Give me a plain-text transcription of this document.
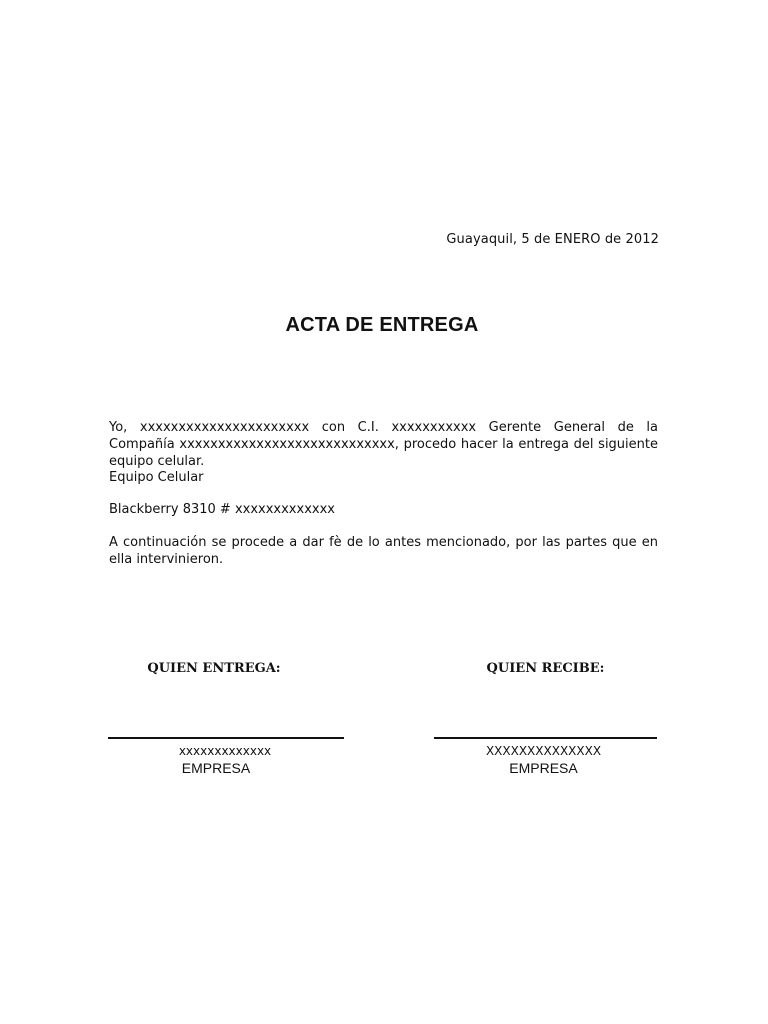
Guayaquil, 5 de ENERO de 2012
ACTA DE ENTREGA

Yo, xxxxxxxxxxxxxxxxxxxxxx con C.I. xxxxxxxxxxx Gerente General de la Compañía xxxxxxxxxxxxxxxxxxxxxxxxxxxx, procedo hacer la entrega del siguiente equipo celular.

Equipo Celular

Blackberry 8310 # xxxxxxxxxxxxx

A continuación se procede a dar fè de lo antes mencionado, por las partes que en ella intervinieron.

QUIEN ENTREGA:

xxxxxxxxxxxxx

EMPRESA

QUIEN RECIBE:

XXXXXXXXXXXXXX

EMPRESA
